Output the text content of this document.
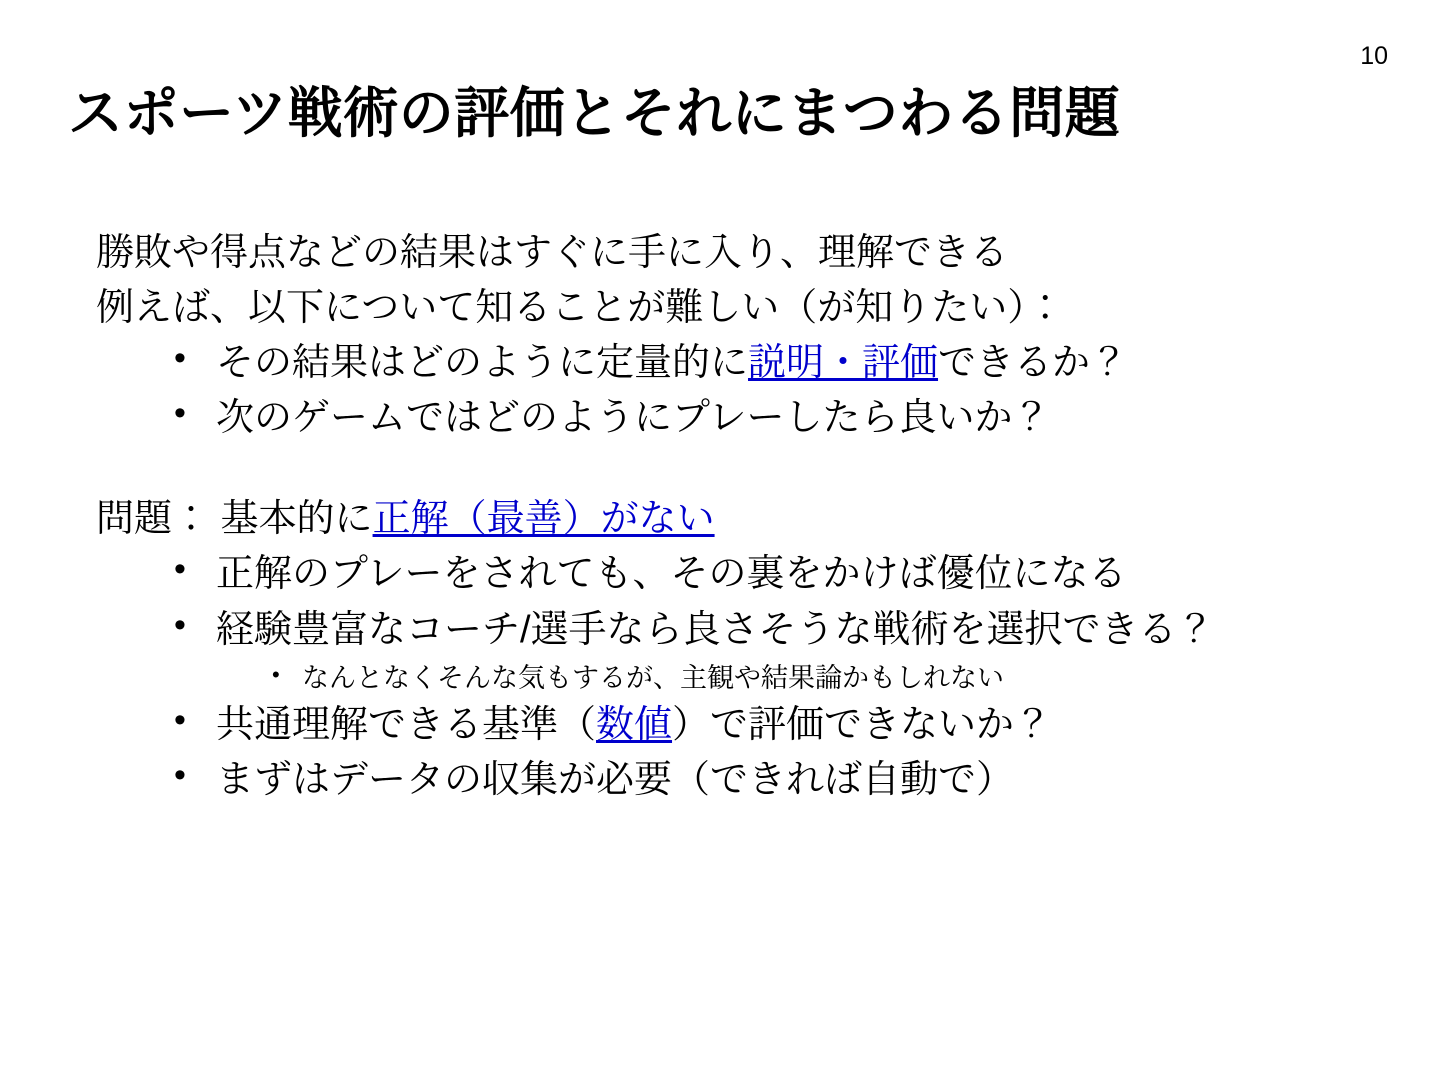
10
スポーツ戦術の評価とそれにまつわる問題
勝敗や得点などの結果はすぐに手に入り、理解できる
例えば、以下について知ることが難しい（が知りたい）：
• その結果はどのように定量的に説明・評価できるか？
• 次のゲームではどのようにプレーしたら良いか？
問題： 基本的に正解（最善）がない
• 正解のプレーをされても、その裏をかけば優位になる
• 経験豊富なコーチ/選手なら良さそうな戦術を選択できる？
• なんとなくそんな気もするが、主観や結果論かもしれない
• 共通理解できる基準（数値）で評価できないか？
• まずはデータの収集が必要（できれば自動で）
